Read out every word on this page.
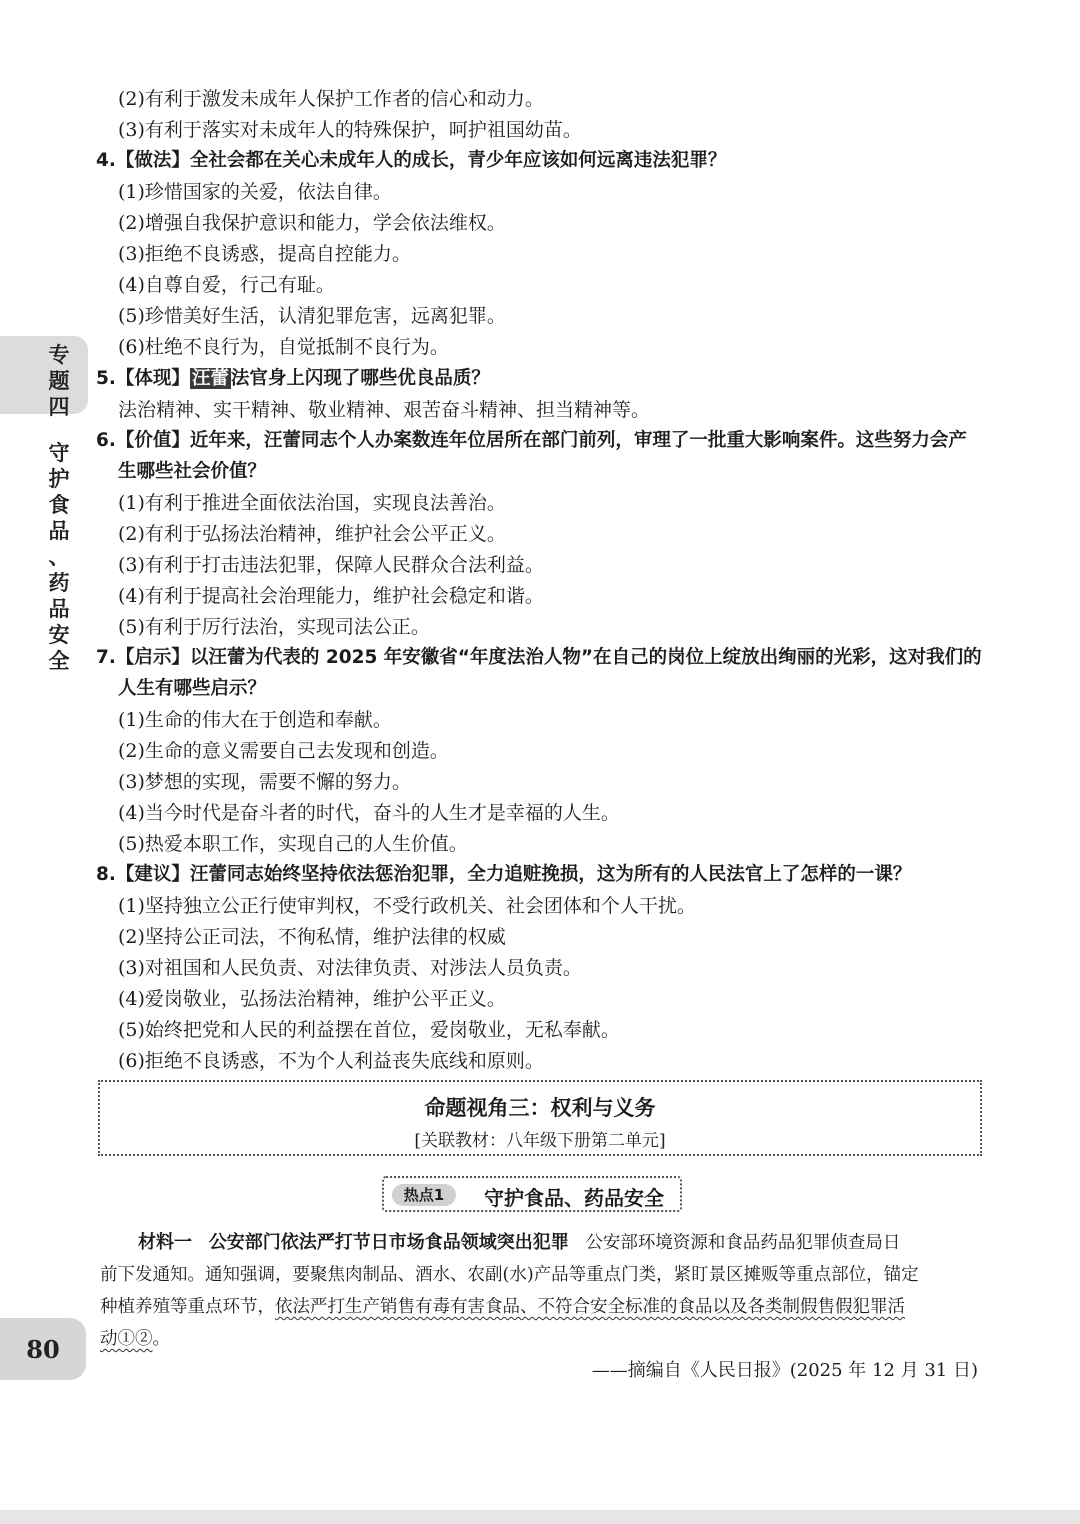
专
题
四
守
护
食
品
、
药
品
安
全
80
(2)有利于激发未成年人保护工作者的信心和动力。
(3)有利于落实对未成年人的特殊保护，呵护祖国幼苗。
4.【做法】全社会都在关心未成年人的成长，青少年应该如何远离违法犯罪？
(1)珍惜国家的关爱，依法自律。
(2)增强自我保护意识和能力，学会依法维权。
(3)拒绝不良诱惑，提高自控能力。
(4)自尊自爱，行己有耻。
(5)珍惜美好生活，认清犯罪危害，远离犯罪。
(6)杜绝不良行为，自觉抵制不良行为。
5.【体现】 汪蕾 法官身上闪现了哪些优良品质？
法治精神、实干精神、敬业精神、艰苦奋斗精神、担当精神等。
6.【价值】近年来，汪蕾同志个人办案数连年位居所在部门前列，审理了一批重大影响案件。这些努力会产
生哪些社会价值？
(1)有利于推进全面依法治国，实现良法善治。
(2)有利于弘扬法治精神，维护社会公平正义。
(3)有利于打击违法犯罪，保障人民群众合法利益。
(4)有利于提高社会治理能力，维护社会稳定和谐。
(5)有利于厉行法治，实现司法公正。
7.【启示】以汪蕾为代表的 2025 年安徽省“年度法治人物”在自己的岗位上绽放出绚丽的光彩，这对我们的
人生有哪些启示？
(1)生命的伟大在于创造和奉献。
(2)生命的意义需要自己去发现和创造。
(3)梦想的实现，需要不懈的努力。
(4)当今时代是奋斗者的时代，奋斗的人生才是幸福的人生。
(5)热爱本职工作，实现自己的人生价值。
8.【建议】汪蕾同志始终坚持依法惩治犯罪，全力追赃挽损，这为所有的人民法官上了怎样的一课？
(1)坚持独立公正行使审判权，不受行政机关、社会团体和个人干扰。
(2)坚持公正司法，不徇私情，维护法律的权威
(3)对祖国和人民负责、对法律负责、对涉法人员负责。
(4)爱岗敬业，弘扬法治精神，维护公平正义。
(5)始终把党和人民的利益摆在首位，爱岗敬业，无私奉献。
(6)拒绝不良诱惑，不为个人利益丧失底线和原则。
命题视角三：权利与义务
[关联教材：八年级下册第二单元]
热点1	守护食品、药品安全
材料一 公安部门依法严打节日市场食品领域突出犯罪 公安部环境资源和食品药品犯罪侦查局日
前下发通知。通知强调，要聚焦肉制品、酒水、农副(水)产品等重点门类，紧盯景区摊贩等重点部位，锚定
种植养殖等重点环节，依法严打生产销售有毒有害食品、不符合安全标准的食品以及各类制假售假犯罪活
动①②。
——摘编自《人民日报》(2025 年 12 月 31 日)
